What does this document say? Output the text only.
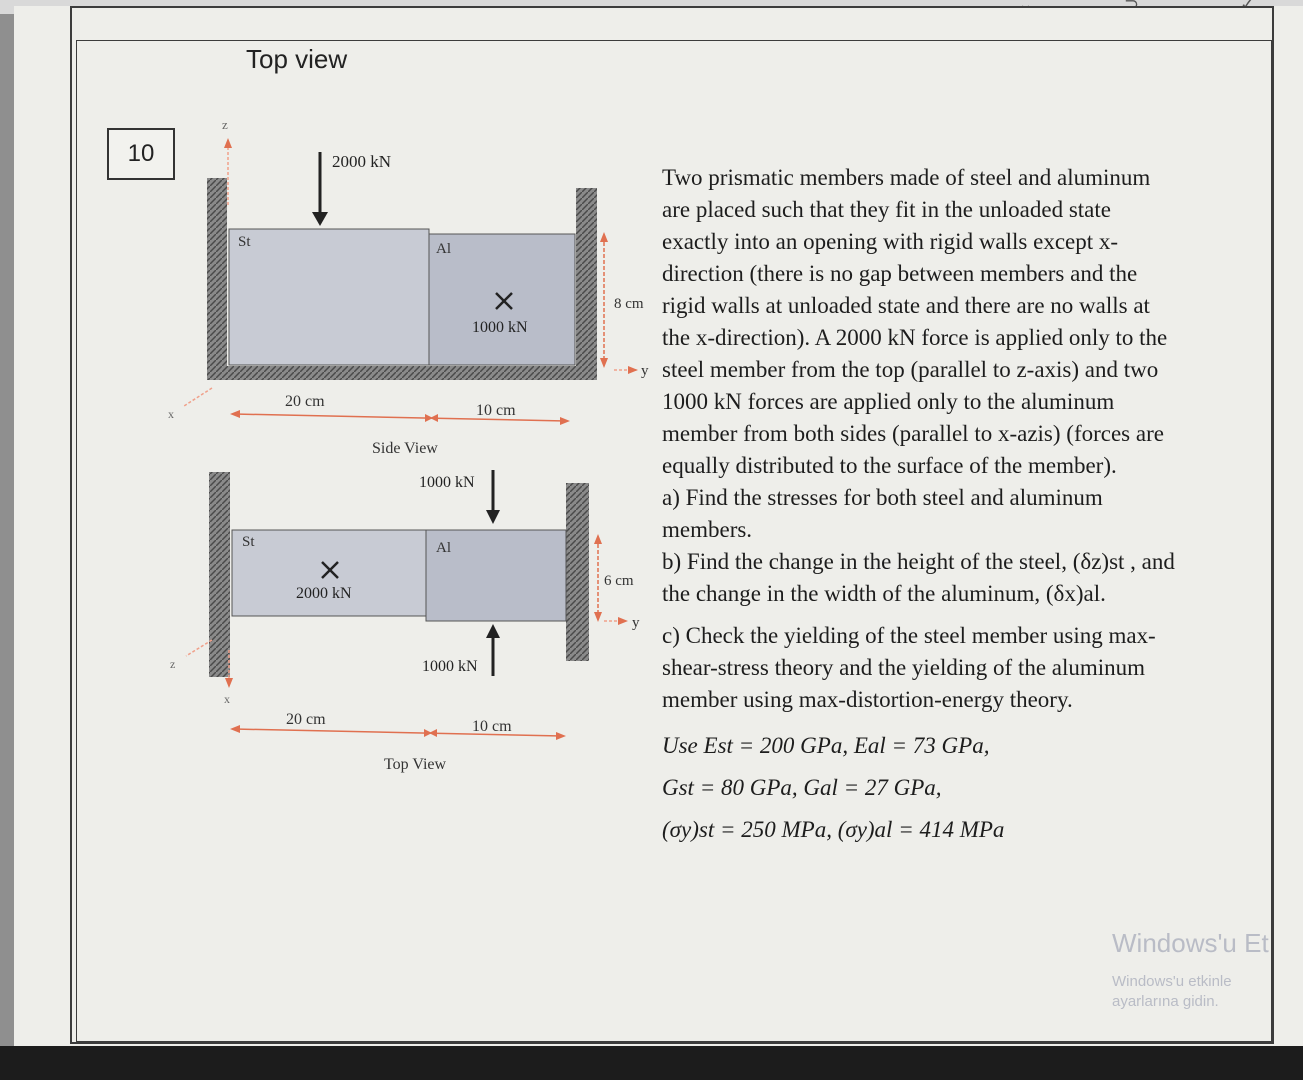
Top view
10
z
x
St	Al
2000 kN
1000 kN
8 cm
y
20 cm
10 cm
Side View
St	Al
2000 kN
1000 kN
1000 kN
6 cm
y
z
x
20 cm	10 cm
Top View

Two prismatic members made of steel and aluminum are placed such that they fit in the unloaded state exactly into an opening with rigid walls except x-direction (there is no gap between members and the rigid walls at unloaded state and there are no walls at the x-direction). A 2000 kN force is applied only to the steel member from the top (parallel to z-axis) and two 1000 kN forces are applied only to the aluminum member from both sides (parallel to x-azis) (forces are equally distributed to the surface of the member).

a) Find the stresses for both steel and aluminum members.

b) Find the change in the height of the steel, (δz)st , and the change in the width of the aluminum, (δx)al.

c) Check the yielding of the steel member using max-shear-stress theory and the yielding of the aluminum member using max-distortion-energy theory.

Use Est = 200 GPa, Eal = 73 GPa,

Gst = 80 GPa, Gal = 27 GPa,

(σy)st = 250 MPa, (σy)al = 414 MPa

Windows'u Et
Windows'u etkinle
ayarlarına gidin.
